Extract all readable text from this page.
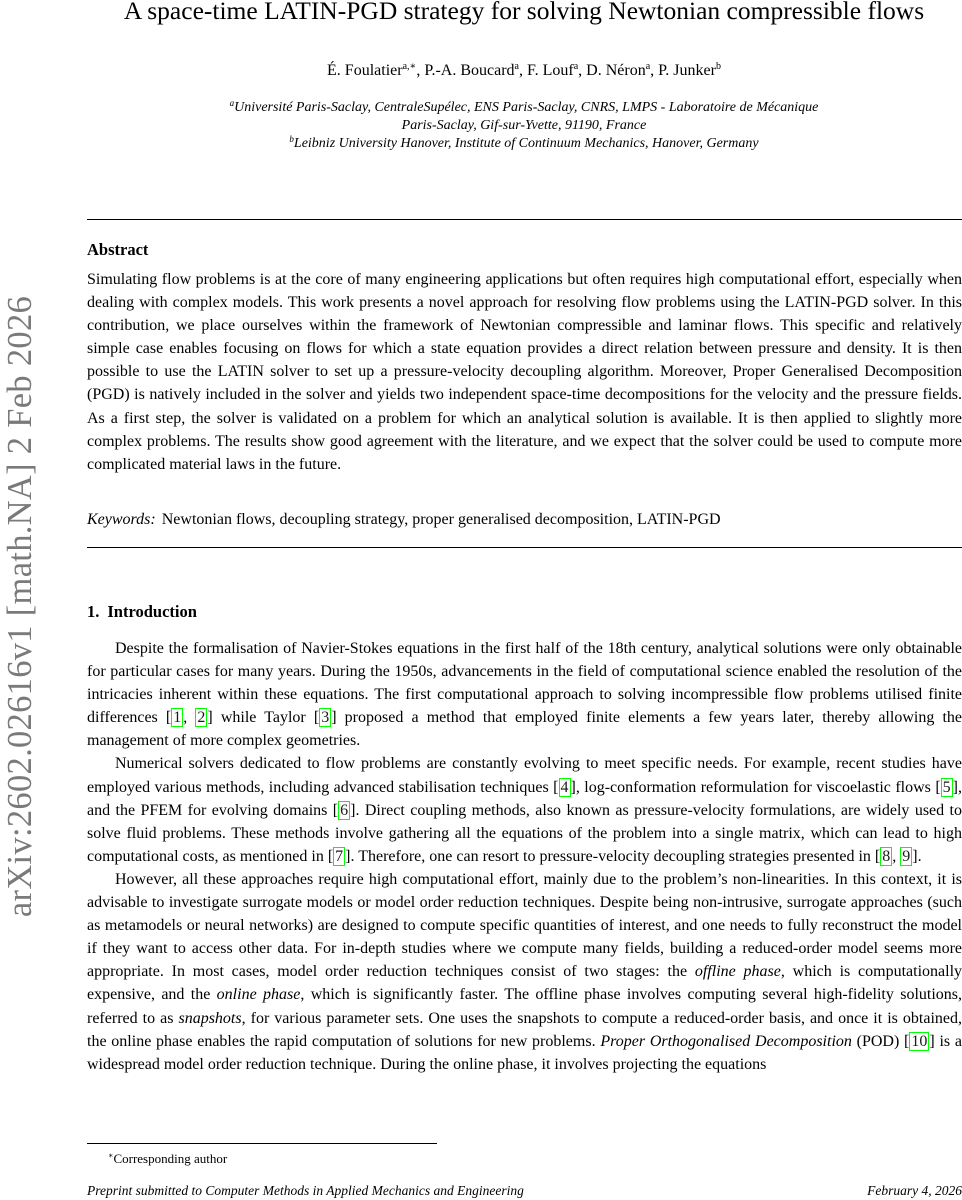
arXiv:2602.02616v1 [math.NA] 2 Feb 2026
A space-time LATIN-PGD strategy for solving Newtonian compressible flows
É. Foulatier$^{a,∗}$, P.-A. Boucard$^a$, F. Louf$^a$, D. Néron$^a$, P. Junker$^b$
$^a$Université Paris-Saclay, CentraleSupélec, ENS Paris-Saclay, CNRS, LMPS - Laboratoire de Mécanique
Paris-Saclay, Gif-sur-Yvette, 91190, France
$^b$Leibniz University Hanover, Institute of Continuum Mechanics, Hanover, Germany
Abstract

Simulating flow problems is at the core of many engineering applications but often requires high computational effort, especially when dealing with complex models. This work presents a novel approach for resolving flow problems using the LATIN-PGD solver. In this contribution, we place ourselves within the framework of Newtonian compressible and laminar flows. This specific and relatively simple case enables focusing on flows for which a state equation provides a direct relation between pressure and density. It is then possible to use the LATIN solver to set up a pressure-velocity decoupling algorithm. Moreover, Proper Generalised Decomposition (PGD) is natively included in the solver and yields two independent space-time decompositions for the velocity and the pressure fields. As a first step, the solver is validated on a problem for which an analytical solution is available. It is then applied to slightly more complex problems. The results show good agreement with the literature, and we expect that the solver could be used to compute more complicated material laws in the future.

Keywords: Newtonian flows, decoupling strategy, proper generalised decomposition, LATIN-PGD
1. Introduction

Despite the formalisation of Navier-Stokes equations in the first half of the 18th century, analytical solutions were only obtainable for particular cases for many years. During the 1950s, advancements in the field of computational science enabled the resolution of the intricacies inherent within these equations. The first computational approach to solving incompressible flow problems utilised finite differences [ 1 , 2 ] while Taylor [ 3 ] proposed a method that employed finite elements a few years later, thereby allowing the management of more complex geometries.

Numerical solvers dedicated to flow problems are constantly evolving to meet specific needs. For example, recent studies have employed various methods, including advanced stabilisation techniques [ 4 ], log-conformation reformulation for viscoelastic flows [ 5 ], and the PFEM for evolving domains [ 6 ]. Direct coupling methods, also known as pressure-velocity formulations, are widely used to solve fluid problems. These methods involve gathering all the equations of the problem into a single matrix, which can lead to high computational costs, as mentioned in [ 7 ]. Therefore, one can resort to pressure-velocity decoupling strategies presented in [ 8 , 9 ].

However, all these approaches require high computational effort, mainly due to the problem’s non-linearities. In this context, it is advisable to investigate surrogate models or model order reduction techniques. Despite being non-intrusive, surrogate approaches (such as metamodels or neural networks) are designed to compute specific quantities of interest, and one needs to fully reconstruct the model if they want to access other data. For in-depth studies where we compute many fields, building a reduced-order model seems more appropriate. In most cases, model order reduction techniques consist of two stages: the offline phase, which is computationally expensive, and the online phase, which is significantly faster. The offline phase involves computing several high-fidelity solutions, referred to as snapshots, for various parameter sets. One uses the snapshots to compute a reduced-order basis, and once it is obtained, the online phase enables the rapid computation of solutions for new problems. Proper Orthogonalised Decomposition (POD) [ 10 ] is a widespread model order reduction technique. During the online phase, it involves projecting the equations

∗Corresponding author
Preprint submitted to Computer Methods in Applied Mechanics and Engineering	February 4, 2026
